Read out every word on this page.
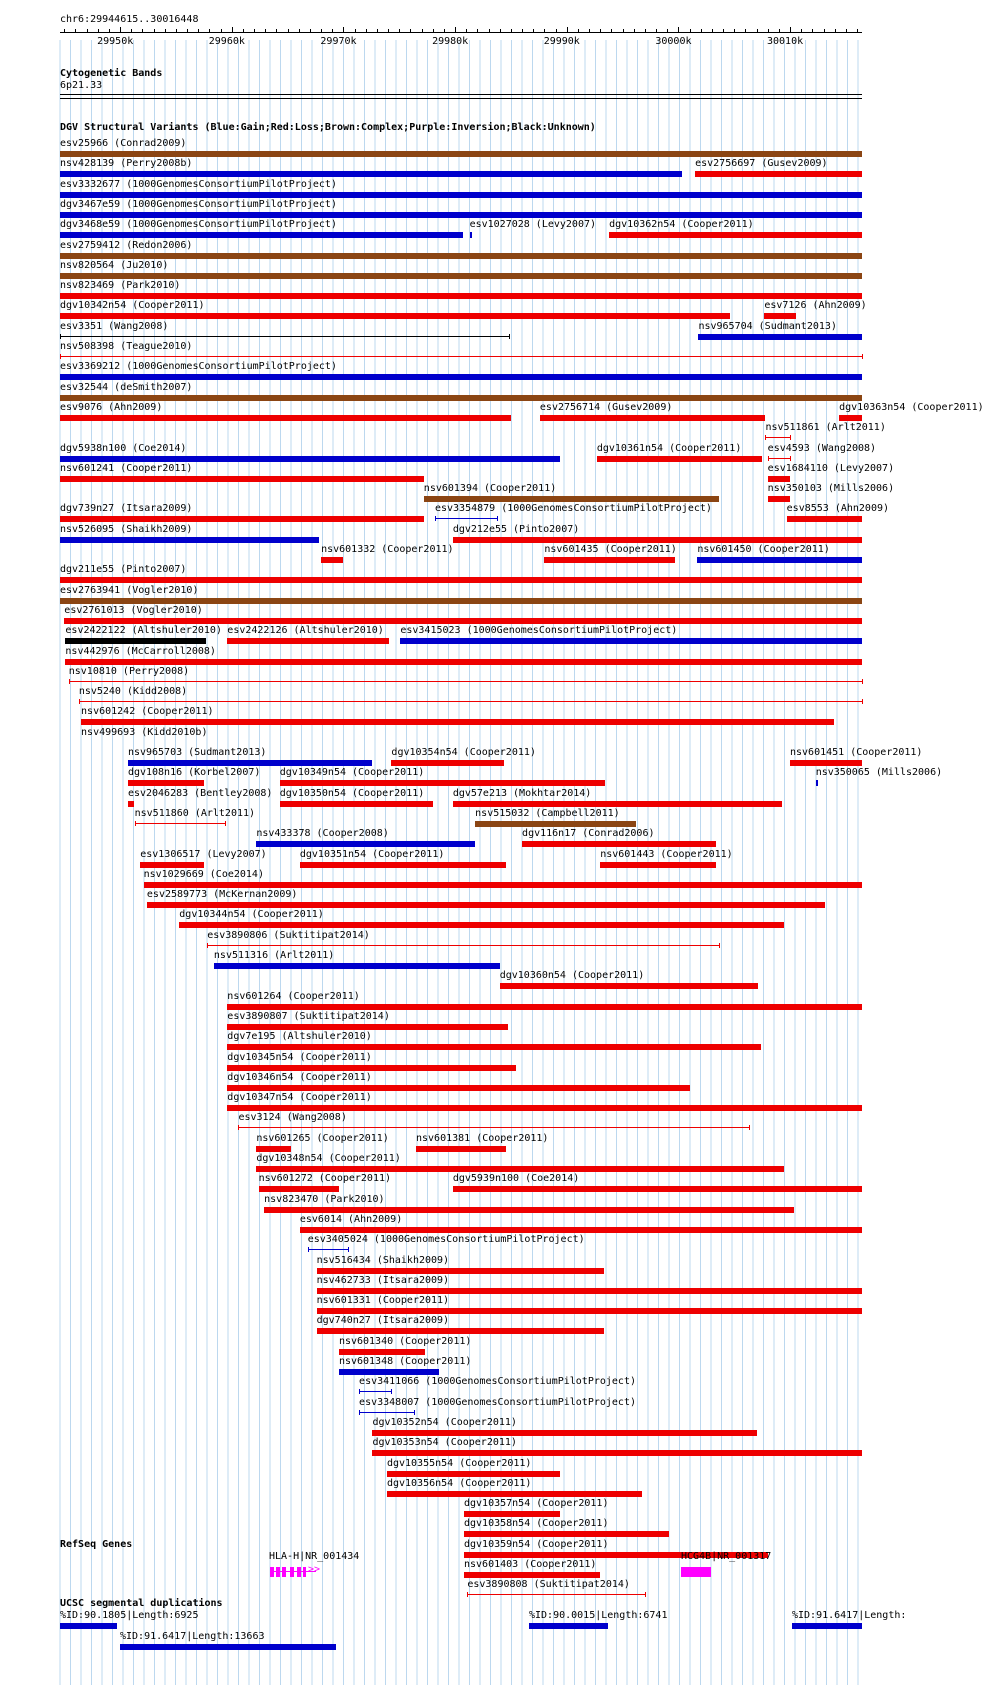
chr6:29944615..30016448
29950k	29960k	29970k	29980k	29990k	30000k	30010k
Cytogenetic Bands
6p21.33
DGV Structural Variants (Blue:Gain;Red:Loss;Brown:Complex;Purple:Inversion;Black:Unknown)
esv25966 (Conrad2009)
nsv428139 (Perry2008b)	esv2756697 (Gusev2009)
esv3332677 (1000GenomesConsortiumPilotProject)
dgv3467e59 (1000GenomesConsortiumPilotProject)
dgv3468e59 (1000GenomesConsortiumPilotProject)	esv1027028 (Levy2007) dgv10362n54 (Cooper2011)
esv2759412 (Redon2006)
nsv820564 (Ju2010)
nsv823469 (Park2010)
dgv10342n54 (Cooper2011)	esv7126 (Ahn2009)
esv3351 (Wang2008)	nsv965704 (Sudmant2013)
nsv508398 (Teague2010)
esv3369212 (1000GenomesConsortiumPilotProject)
esv32544 (deSmith2007)
esv9076 (Ahn2009)	esv2756714 (Gusev2009)
nsv511861 (Arlt2011)
dgv5938n100 (Coe2014)	dgv10361n54 (Cooper2011)	esv4593 (Wang2008)
nsv601241 (Cooper2011)
nsv601394 (Cooper2011)
esv1684110 (Levy2007)
dgv739n27 (Itsara2009)	esv3354879 (1000GenomesConsortiumPilotProject)
nsv350103 (Mills2006)
nsv526095 (Shaikh2009)
nsv601332 (Cooper2011)
dgv212e55 (Pinto2007)
dgv211e55 (Pinto2007)
esv2763941 (Vogler2010)
esv2761013 (Vogler2010)
esv2422122 (Altshuler2010) esv2422126 (Altshuler2010) esv3415023 (1000GenomesConsortiumPilotProject)
nsv442976 (McCarroll2008)
nsv10810 (Perry2008)
nsv5240 (Kidd2008)
nsv601242 (Cooper2011)
nsv499693 (Kidd2010b)
dgv10363n54 (Cooper2011)
nsv965703 (Sudmant2013)	dgv10354n54 (Cooper2011)
nsv601435 (Cooper2011) nsv601450 (Cooper2011)
dgv108n16 (Korbel2007) dgv10349n54 (Cooper2011)
esv8553 (Ahn2009)
esv2046283 (Bentley2008) dgv10350n54 (Cooper2011)	dgv57e213 (Mokhtar2014)
nsv601451 (Cooper2011)
nsv511860 (Arlt2011)
nsv433378 (Cooper2008)
nsv515032 (Campbell2011)
nsv350065 (Mills2006)
esv1306517 (Levy2007)	dgv10351n54 (Cooper2011)
dgv116n17 (Conrad2006)
nsv1029669 (Coe2014)
esv2589773 (McKernan2009)
dgv10344n54 (Cooper2011)
esv3890806 (Suktitipat2014)
nsv511316 (Arlt2011)
dgv10360n54 (Cooper2011)
nsv601264 (Cooper2011)
esv3890807 (Suktitipat2014)
nsv601443 (Cooper2011)
dgv7e195 (Altshuler2010)
dgv10345n54 (Cooper2011)
dgv10346n54 (Cooper2011)
dgv10347n54 (Cooper2011)
esv3124 (Wang2008)
nsv601265 (Cooper2011)	nsv601381 (Cooper2011)
dgv10348n54 (Cooper2011)
nsv601272 (Cooper2011)	dgv5939n100 (Coe2014)
nsv823470 (Park2010)
esv6014 (Ahn2009)
esv3405024 (1000GenomesConsortiumPilotProject)
nsv516434 (Shaikh2009)
nsv462733 (Itsara2009)
nsv601331 (Cooper2011)
dgv740n27 (Itsara2009)
nsv601340 (Cooper2011)
nsv601348 (Cooper2011)
esv3411066 (1000GenomesConsortiumPilotProject)
esv3348007 (1000GenomesConsortiumPilotProject)
dgv10352n54 (Cooper2011)
dgv10353n54 (Cooper2011)
dgv10355n54 (Cooper2011)
dgv10356n54 (Cooper2011)
dgv10357n54 (Cooper2011)
dgv10358n54 (Cooper2011)
dgv10359n54 (Cooper2011)
nsv601403 (Cooper2011)
esv3890808 (Suktitipat2014)
RefSeq Genes
HLA-H|NR_001434
>>
HCG4B|NR_001317
UCSC segmental duplications
%ID:90.1805|Length:6925
%ID:91.6417|Length:13663
%ID:90.0015|Length:6741	%ID:91.6417|Length:
